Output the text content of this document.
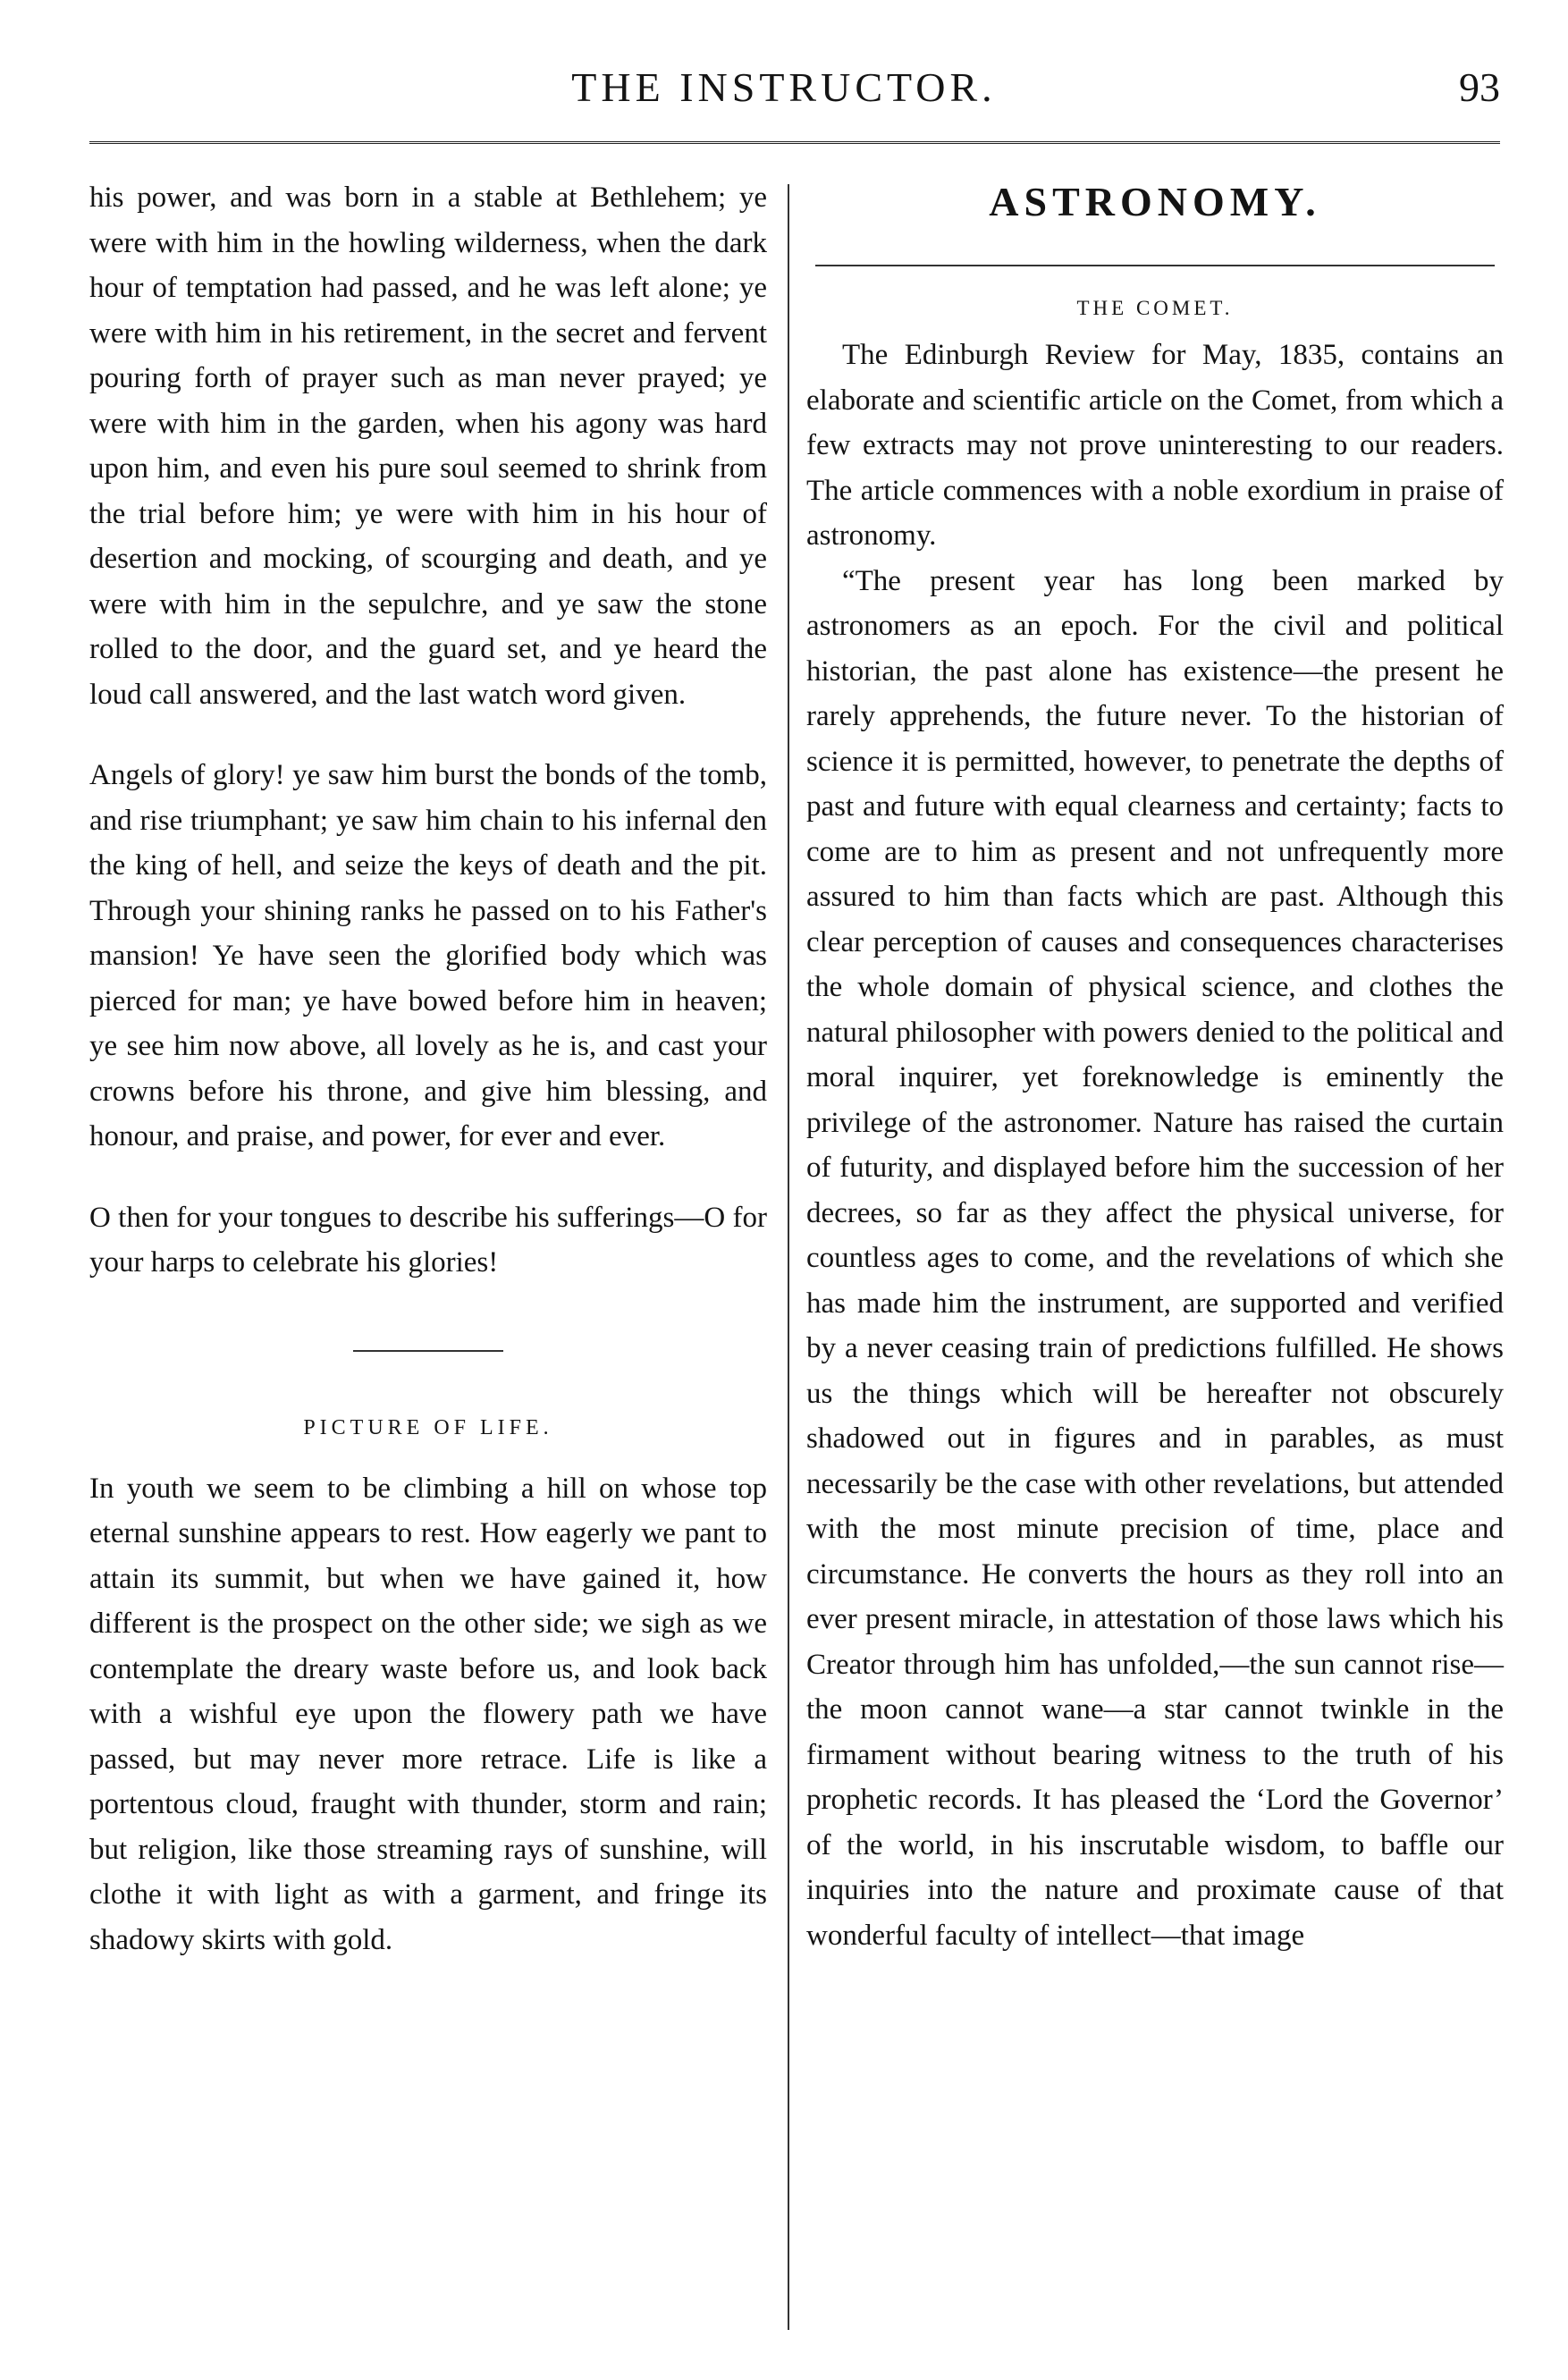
THE INSTRUCTOR.	93

his power, and was born in a stable at Bethlehem; ye were with him in the howling wilderness, when the dark hour of temptation had passed, and he was left alone; ye were with him in his retirement, in the secret and fervent pouring forth of prayer such as man never prayed; ye were with him in the garden, when his agony was hard upon him, and even his pure soul seemed to shrink from the trial before him; ye were with him in his hour of desertion and mocking, of scourging and death, and ye were with him in the sepulchre, and ye saw the stone rolled to the door, and the guard set, and ye heard the loud call answered, and the last watch word given.

Angels of glory! ye saw him burst the bonds of the tomb, and rise triumphant; ye saw him chain to his infernal den the king of hell, and seize the keys of death and the pit. Through your shining ranks he passed on to his Father's mansion! Ye have seen the glorified body which was pierced for man; ye have bowed before him in heaven; ye see him now above, all lovely as he is, and cast your crowns before his throne, and give him blessing, and honour, and praise, and power, for ever and ever.

O then for your tongues to describe his sufferings—O for your harps to celebrate his glories!

PICTURE OF LIFE.

In youth we seem to be climbing a hill on whose top eternal sunshine appears to rest. How eagerly we pant to attain its summit, but when we have gained it, how different is the prospect on the other side; we sigh as we contemplate the dreary waste before us, and look back with a wishful eye upon the flowery path we have passed, but may never more retrace. Life is like a portentous cloud, fraught with thunder, storm and rain; but religion, like those streaming rays of sunshine, will clothe it with light as with a garment, and fringe its shadowy skirts with gold.

ASTRONOMY.
THE COMET.

The Edinburgh Review for May, 1835, contains an elaborate and scientific article on the Comet, from which a few extracts may not prove uninteresting to our readers. The article commences with a noble exordium in praise of astronomy.

“The present year has long been marked by astronomers as an epoch. For the civil and political historian, the past alone has existence—the present he rarely apprehends, the future never. To the historian of science it is permitted, however, to penetrate the depths of past and future with equal clearness and certainty; facts to come are to him as present and not unfrequently more assured to him than facts which are past. Although this clear perception of causes and consequences characterises the whole domain of physical science, and clothes the natural philosopher with powers denied to the political and moral inquirer, yet foreknowledge is eminently the privilege of the astronomer. Nature has raised the curtain of futurity, and displayed before him the succession of her decrees, so far as they affect the physical universe, for countless ages to come, and the revelations of which she has made him the instrument, are supported and verified by a never ceasing train of predictions fulfilled. He shows us the things which will be hereafter not obscurely shadowed out in figures and in parables, as must necessarily be the case with other revelations, but attended with the most minute precision of time, place and circumstance. He converts the hours as they roll into an ever present miracle, in attestation of those laws which his Creator through him has unfolded,—the sun cannot rise—the moon cannot wane—a star cannot twinkle in the firmament without bearing witness to the truth of his prophetic records. It has pleased the ‘Lord the Governor’ of the world, in his inscrutable wisdom, to baffle our inquiries into the nature and proximate cause of that wonderful faculty of intellect—that image
